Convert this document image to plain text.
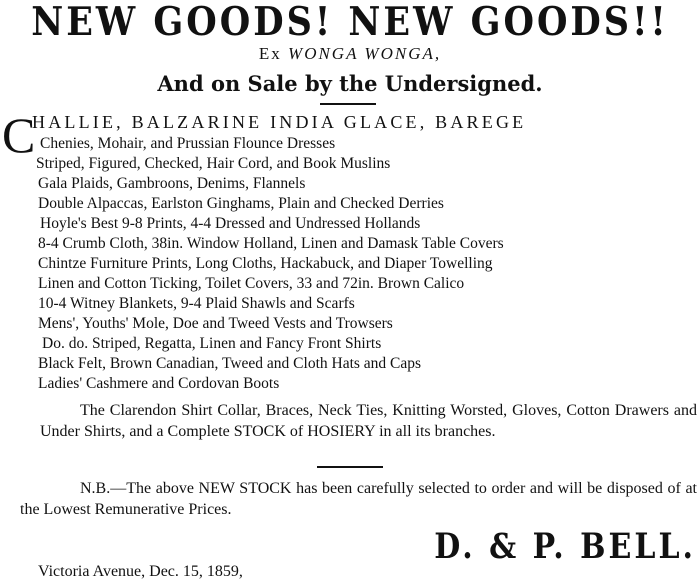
NEW GOODS! NEW GOODS!!
Ex WONGA WONGA,
And on Sale by the Undersigned.
C
HALLIE, BALZARINE INDIA GLACE, BAREGE
Chenies, Mohair, and Prussian Flounce Dresses
Striped, Figured, Checked, Hair Cord, and Book Muslins
Gala Plaids, Gambroons, Denims, Flannels
Double Alpaccas, Earlston Ginghams, Plain and Checked Derries
Hoyle's Best 9-8 Prints, 4-4 Dressed and Undressed Hollands
8-4 Crumb Cloth, 38in. Window Holland, Linen and Damask Table Covers
Chintze Furniture Prints, Long Cloths, Hackabuck, and Diaper Towelling
Linen and Cotton Ticking, Toilet Covers, 33 and 72in. Brown Calico
10-4 Witney Blankets, 9-4 Plaid Shawls and Scarfs
Mens', Youths' Mole, Doe and Tweed Vests and Trowsers
Do. do. Striped, Regatta, Linen and Fancy Front Shirts
Black Felt, Brown Canadian, Tweed and Cloth Hats and Caps
Ladies' Cashmere and Cordovan Boots

The Clarendon Shirt Collar, Braces, Neck Ties, Knitting Worsted, Gloves, Cotton Drawers and Under Shirts, and a Complete STOCK of HOSIERY in all its branches.

N.B.—The above NEW STOCK has been carefully selected to order and will be disposed of at the Lowest Remunerative Prices.

D. & P. BELL.
Victoria Avenue, Dec. 15, 1859,
